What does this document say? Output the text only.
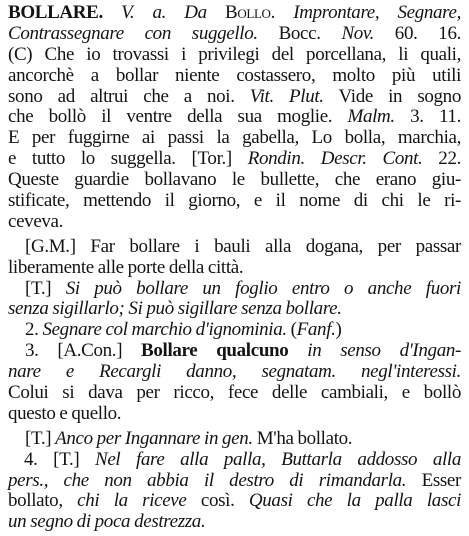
BOLLARE. V. a. Da Bollo. Improntare, Segnare,
Contrassegnare con suggello. Bocc. Nov. 60. 16.
(C) Che io trovassi i privilegi del porcellana, li quali,
ancorchè a bollar niente costassero, molto più utili
sono ad altrui che a noi. Vit. Plut. Vide in sogno
che bollò il ventre della sua moglie. Malm. 3. 11.
E per fuggirne ai passi la gabella, Lo bolla, marchia,
e tutto lo suggella. [Tor.] Rondin. Descr. Cont. 22.
Queste guardie bollavano le bullette, che erano giu-
stificate, mettendo il giorno, e il nome di chi le ri-
ceveva.
[G.M.] Far bollare i bauli alla dogana, per passar
liberamente alle porte della città.
[T.] Si può bollare un foglio entro o anche fuori
senza sigillarlo; Si può sigillare senza bollare.
2. Segnare col marchio d'ignominia. (Fanf.)
3. [A.Con.] Bollare qualcuno in senso d'Ingan-
nare e Recargli danno, segnatam. negl'interessi.
Colui si dava per ricco, fece delle cambiali, e bollò
questo e quello.
[T.] Anco per Ingannare in gen. M'ha bollato.
4. [T.] Nel fare alla palla, Buttarla addosso alla
pers., che non abbia il destro di rimandarla. Esser
bollato, chi la riceve così. Quasi che la palla lasci
un segno di poca destrezza.
